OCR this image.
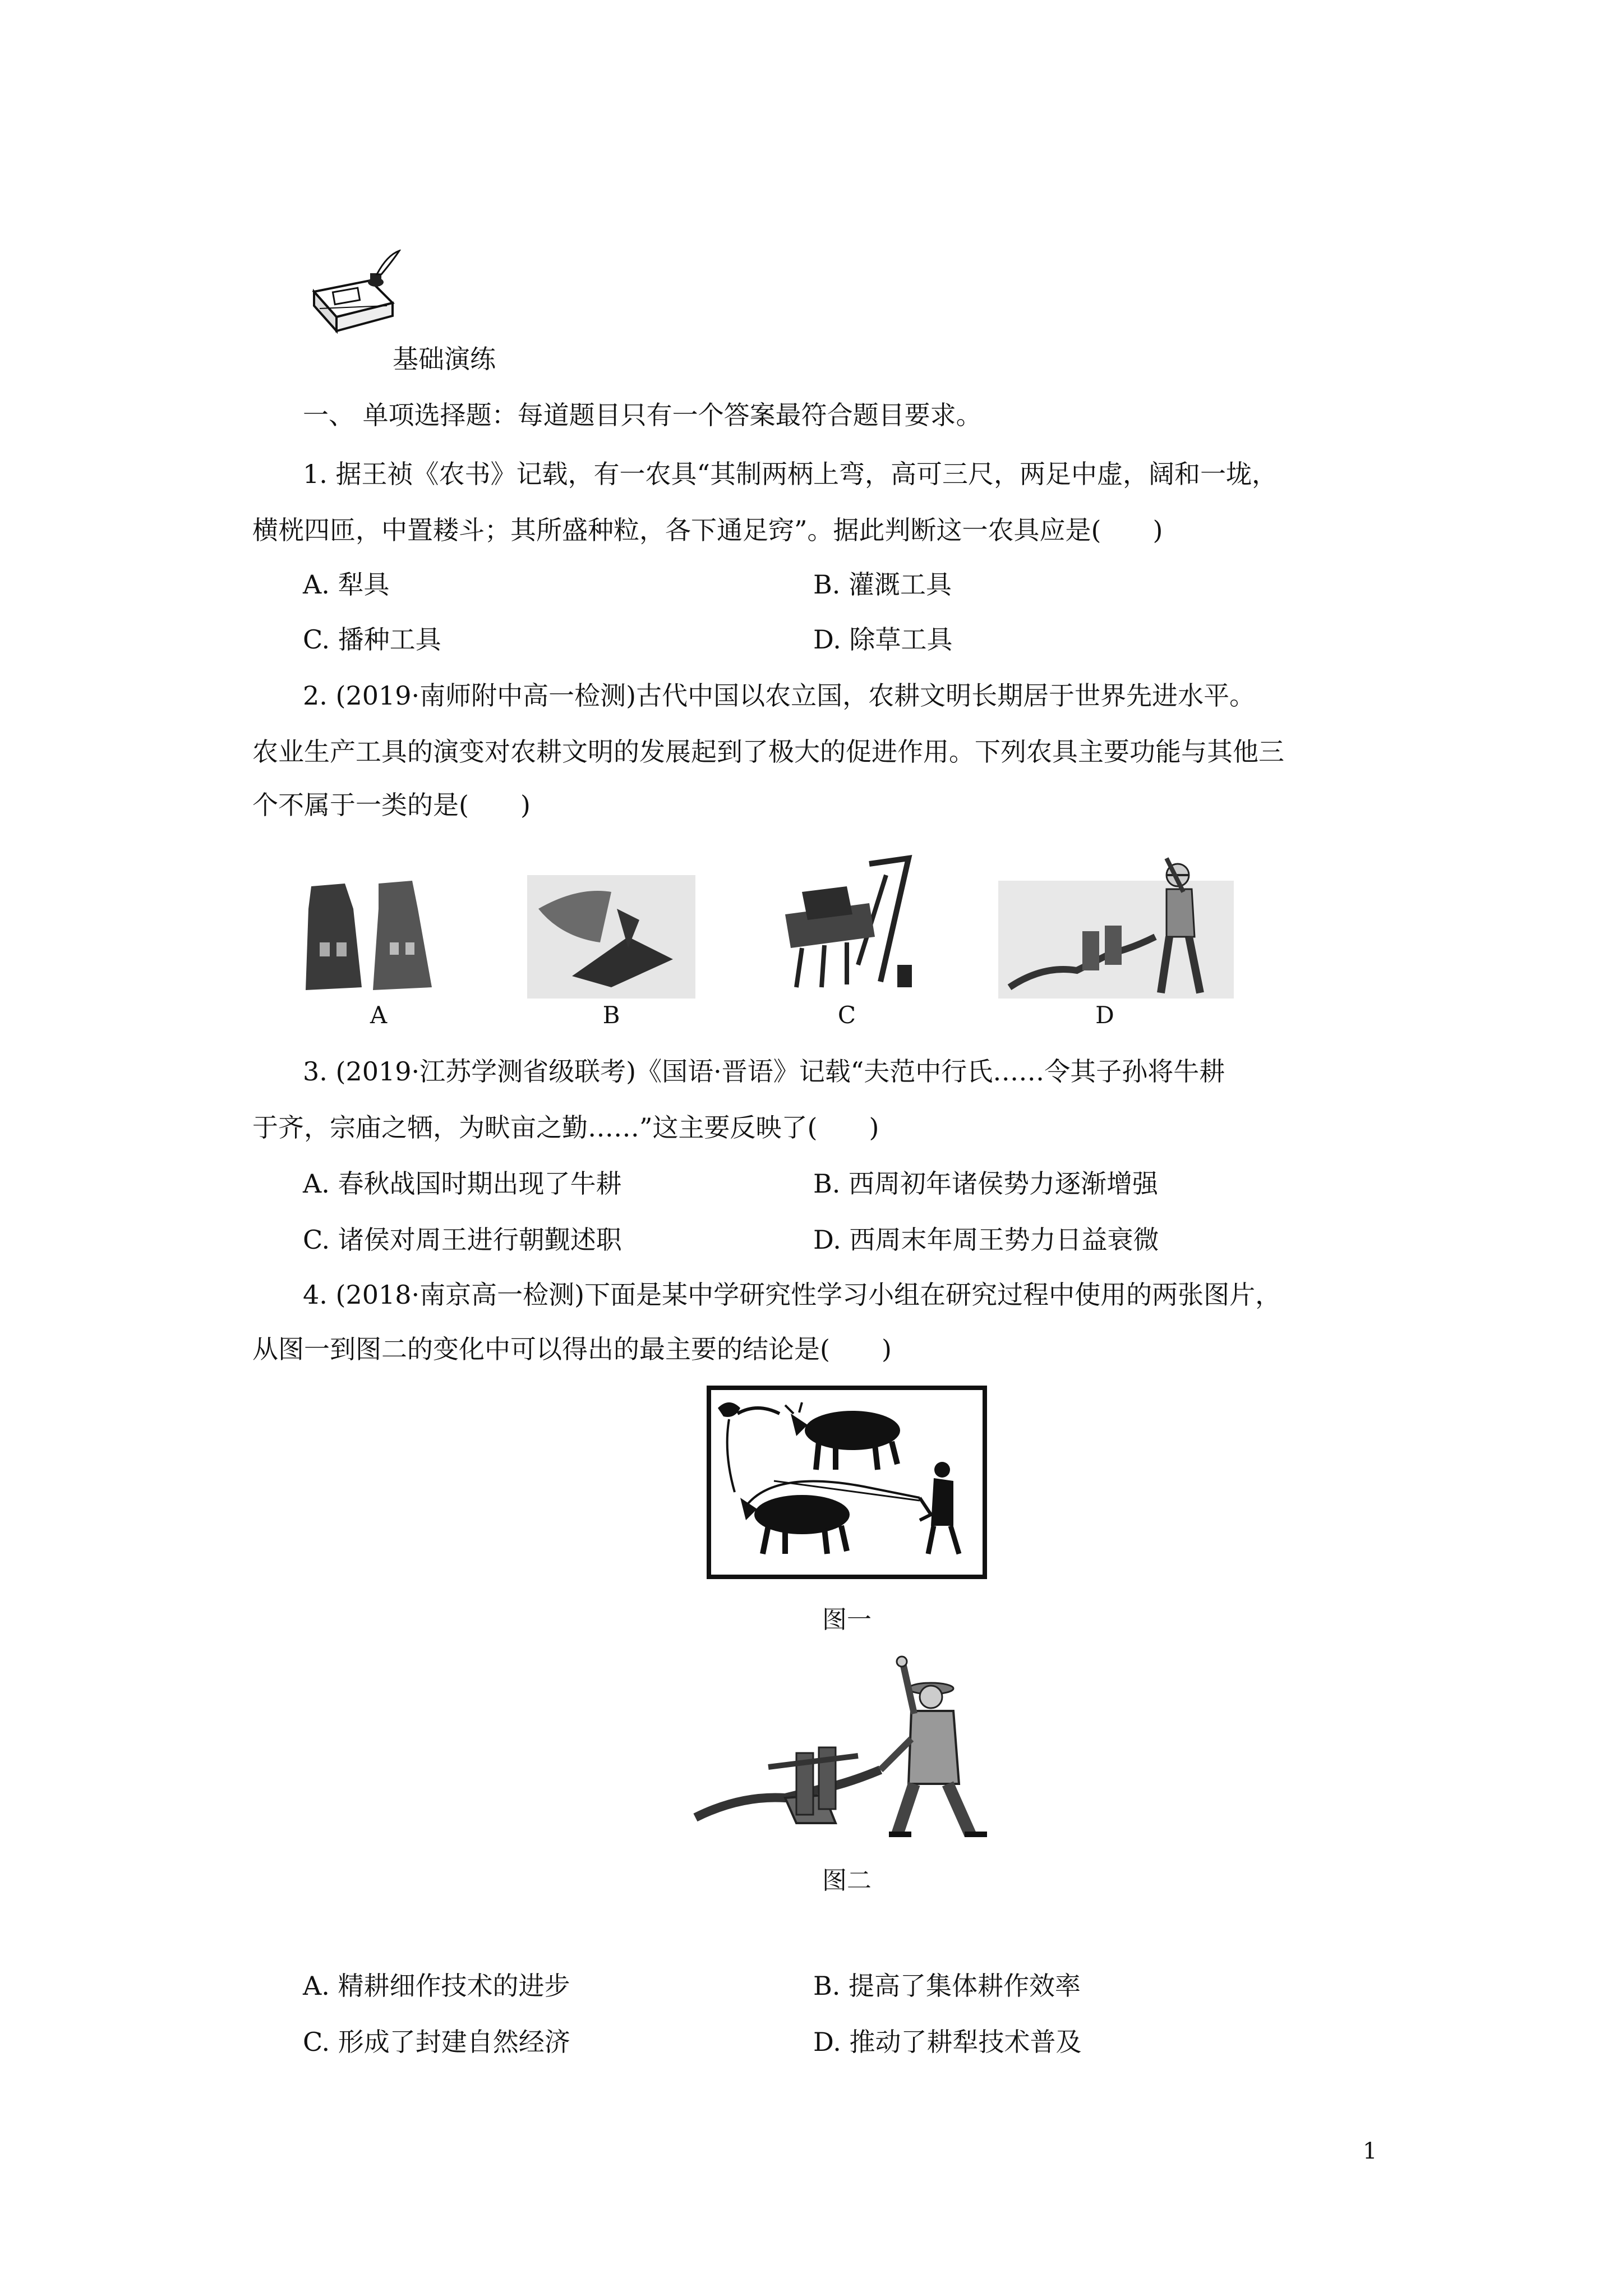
基础演练
一、 单项选择题：每道题目只有一个答案最符合题目要求。
1. 据王祯《农书》记载，有一农具“其制两柄上弯，高可三尺，两足中虚，阔和一垅，
横桄四匝，中置耧斗；其所盛种粒，各下通足窍”。据此判断这一农具应是(　　)
A. 犁具	B. 灌溉工具
C. 播种工具	D. 除草工具
2. (2019·南师附中高一检测)古代中国以农立国，农耕文明长期居于世界先进水平。
农业生产工具的演变对农耕文明的发展起到了极大的促进作用。下列农具主要功能与其他三
个不属于一类的是(　　)
A	B	C	D
3. (2019·江苏学测省级联考)《国语·晋语》记载“夫范中行氏……令其子孙将牛耕
于齐，宗庙之牺，为畎亩之勤……”这主要反映了(　　)
A. 春秋战国时期出现了牛耕	B. 西周初年诸侯势力逐渐增强
C. 诸侯对周王进行朝觐述职	D. 西周末年周王势力日益衰微
4. (2018·南京高一检测)下面是某中学研究性学习小组在研究过程中使用的两张图片，
从图一到图二的变化中可以得出的最主要的结论是(　　)
图一
图二
A. 精耕细作技术的进步	B. 提高了集体耕作效率
C. 形成了封建自然经济	D. 推动了耕犁技术普及
1
